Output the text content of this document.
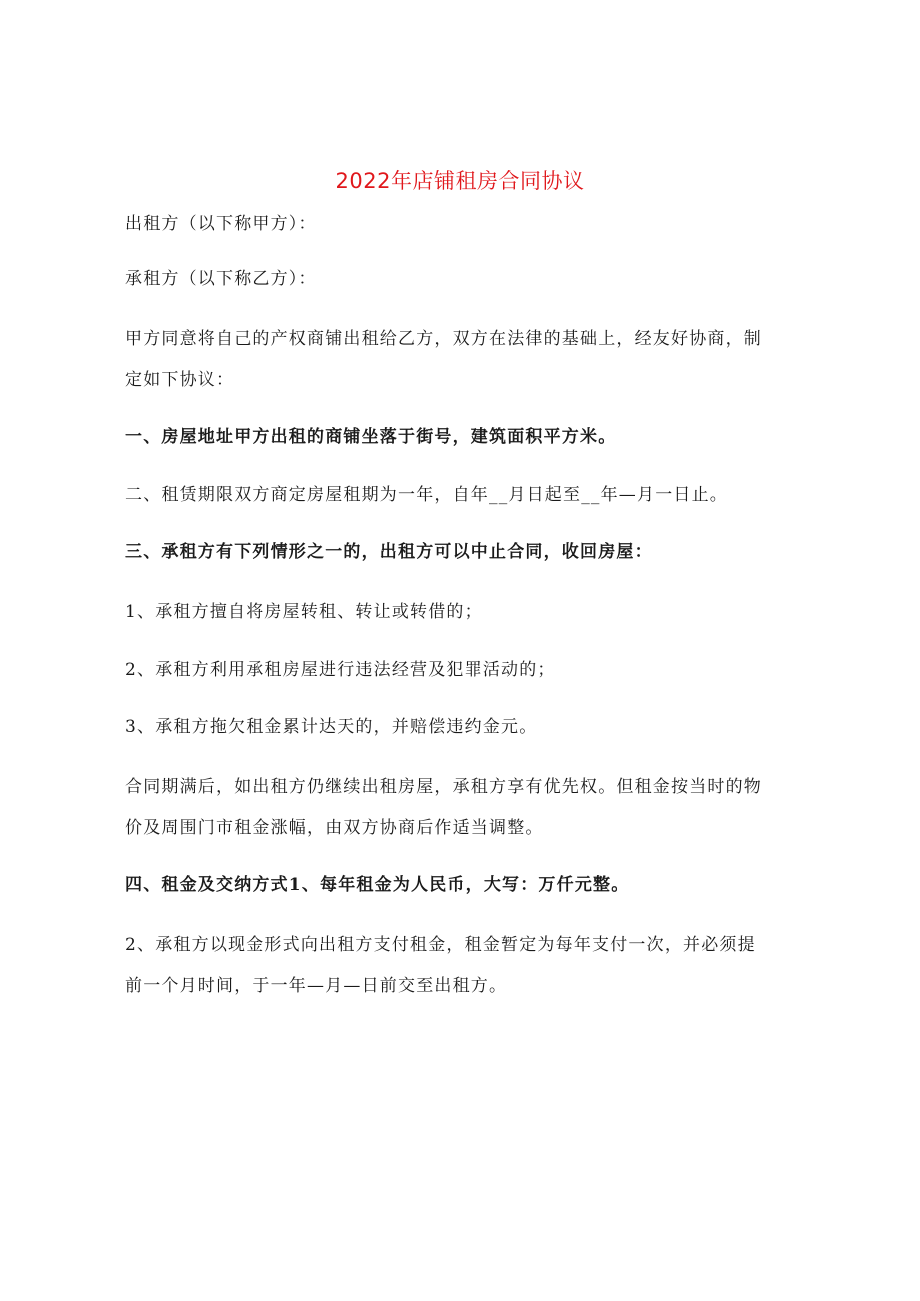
2022年店铺租房合同协议
出租方（以下称甲方）：
承租方（以下称乙方）：
甲方同意将自己的产权商铺出租给乙方，双方在法律的基础上，经友好协商，制
定如下协议：
一、房屋地址甲方出租的商铺坐落于街号，建筑面积平方米。
二、租赁期限双方商定房屋租期为一年，自年__月日起至__年—月一日止。
三、承租方有下列情形之一的，出租方可以中止合同，收回房屋：
1、承租方擅自将房屋转租、转让或转借的；
2、承租方利用承租房屋进行违法经营及犯罪活动的；
3、承租方拖欠租金累计达天的，并赔偿违约金元。
合同期满后，如出租方仍继续出租房屋，承租方享有优先权。但租金按当时的物
价及周围门市租金涨幅，由双方协商后作适当调整。
四、租金及交纳方式1、每年租金为人民币，大写：万仟元整。
2、承租方以现金形式向出租方支付租金，租金暂定为每年支付一次，并必须提
前一个月时间，于一年—月—日前交至出租方。
